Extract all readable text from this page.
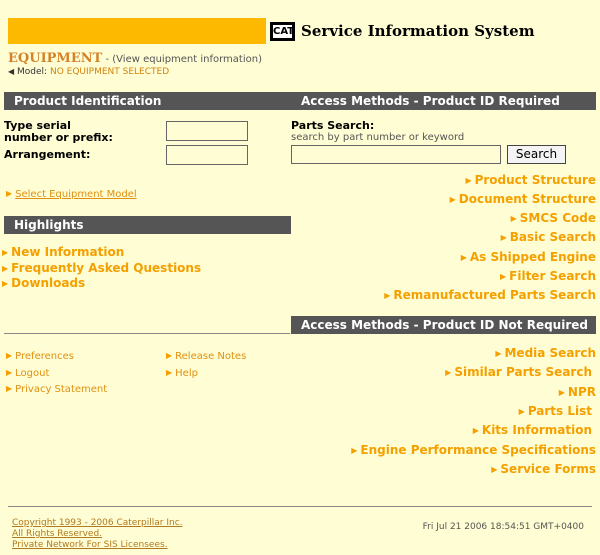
CAT Service Information System
EQUIPMENT - (View equipment information)
◀ Model: NO EQUIPMENT SELECTED
Product Identification	Access Methods - Product ID Required
Type serial
number or prefix:
Arrangement:
Parts Search:
search by part number or keyword
Search
▶ Select Equipment Model
Highlights
▶ New Information
▶ Frequently Asked Questions
▶ Downloads
▶ Product Structure
▶ Document Structure
▶ SMCS Code
▶ Basic Search
▶ As Shipped Engine
▶ Filter Search
▶ Remanufactured Parts Search
Access Methods - Product ID Not Required
▶ Media Search
▶ Similar Parts Search
▶ NPR
▶ Parts List
▶ Kits Information
▶ Engine Performance Specifications
▶ Service Forms
▶ Preferences
▶ Logout
▶ Privacy Statement
▶ Release Notes
▶ Help
Copyright 1993 - 2006 Caterpillar Inc.
All Rights Reserved.
Private Network For SIS Licensees.
Fri Jul 21 2006 18:54:51 GMT+0400
